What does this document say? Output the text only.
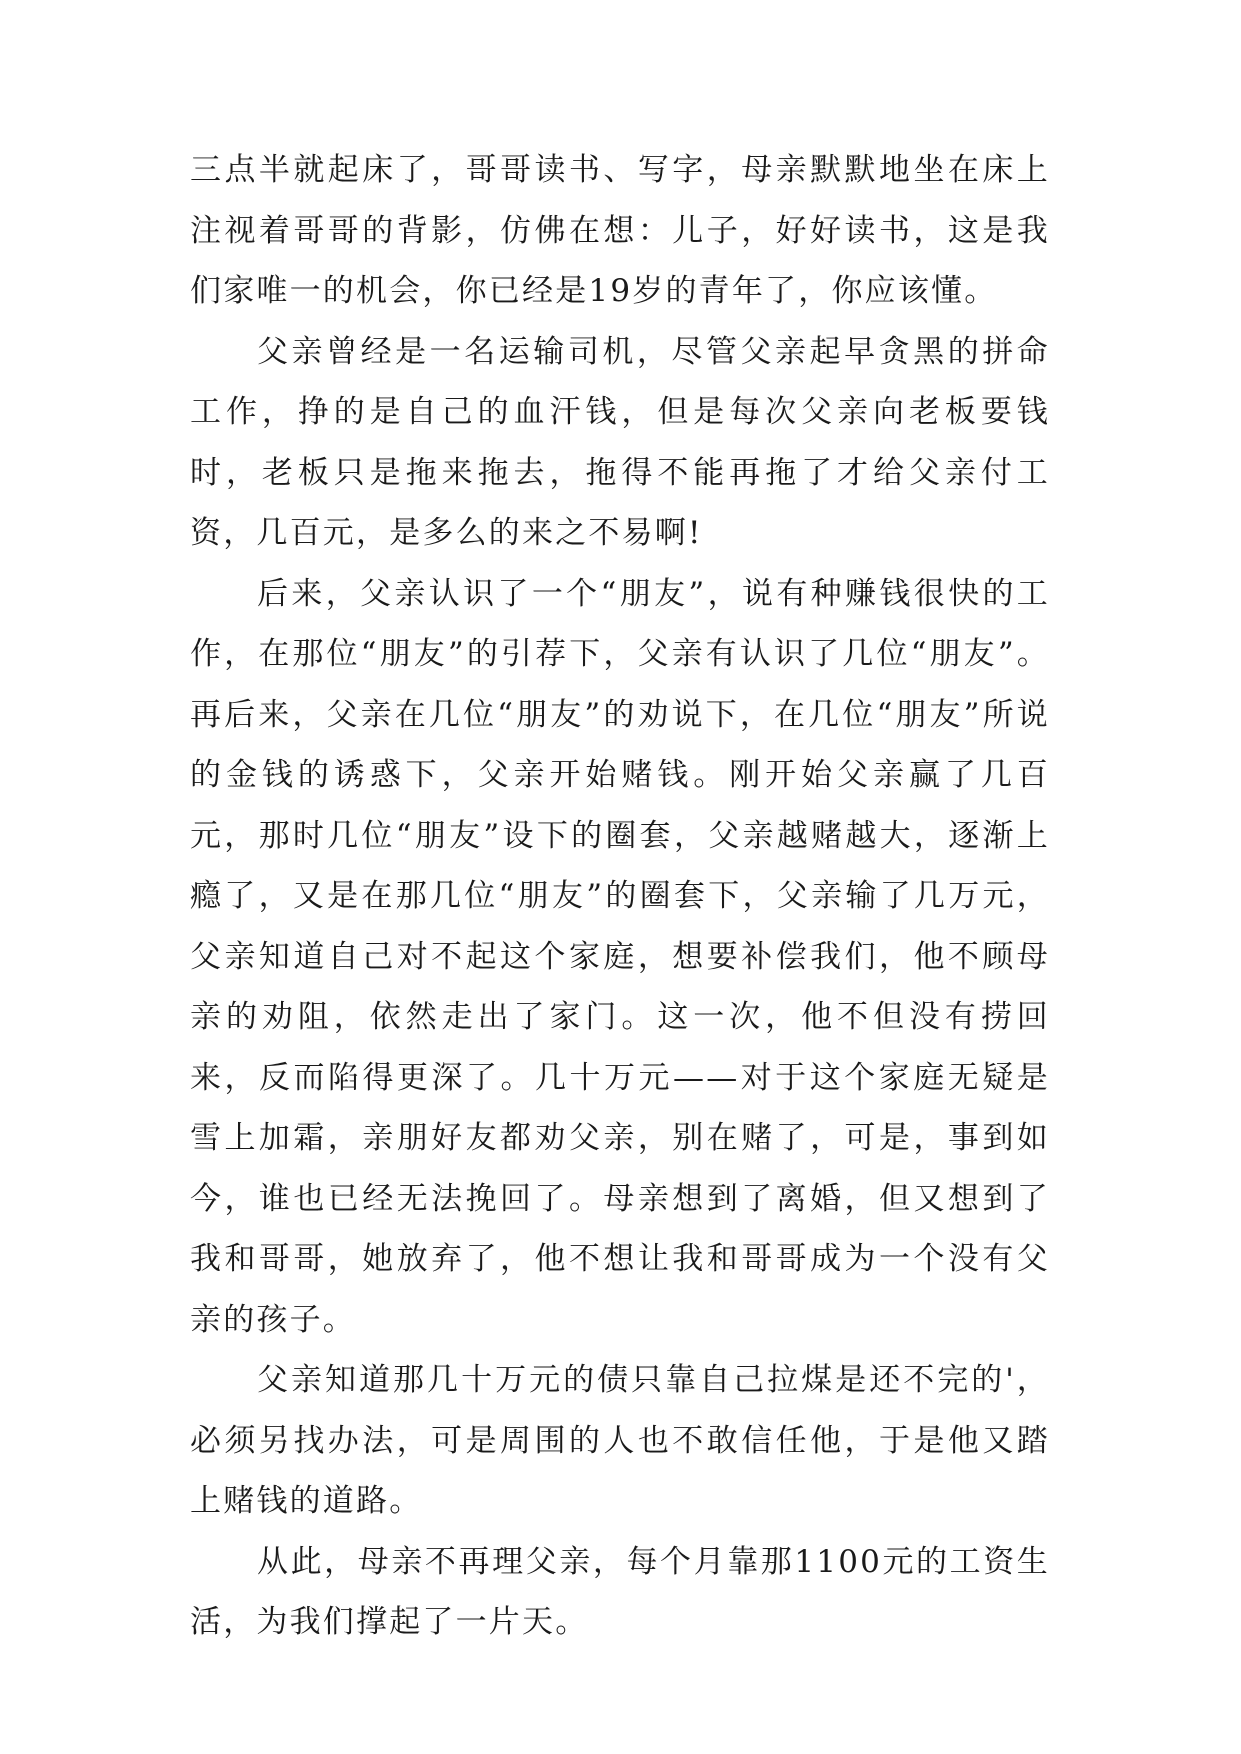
三点半就起床了，哥哥读书、写字，母亲默默地坐在床上注视着哥哥的背影，仿佛在想：儿子，好好读书，这是我们家唯一的机会，你已经是19岁的青年了，你应该懂。

父亲曾经是一名运输司机，尽管父亲起早贪黑的拼命工作，挣的是自己的血汗钱，但是每次父亲向老板要钱时，老板只是拖来拖去，拖得不能再拖了才给父亲付工资，几百元，是多么的来之不易啊!

后来，父亲认识了一个“朋友”，说有种赚钱很快的工作，在那位“朋友”的引荐下，父亲有认识了几位“朋友”。再后来，父亲在几位“朋友”的劝说下，在几位“朋友”所说的金钱的诱惑下，父亲开始赌钱。刚开始父亲赢了几百元，那时几位“朋友”设下的圈套，父亲越赌越大，逐渐上瘾了，又是在那几位“朋友”的圈套下，父亲输了几万元，父亲知道自己对不起这个家庭，想要补偿我们，他不顾母亲的劝阻，依然走出了家门。这一次，他不但没有捞回来，反而陷得更深了。几十万元——对于这个家庭无疑是雪上加霜，亲朋好友都劝父亲，别在赌了，可是，事到如今，谁也已经无法挽回了。母亲想到了离婚，但又想到了我和哥哥，她放弃了，他不想让我和哥哥成为一个没有父亲的孩子。

父亲知道那几十万元的债只靠自己拉煤是还不完的'，必须另找办法，可是周围的人也不敢信任他，于是他又踏上赌钱的道路。

从此，母亲不再理父亲，每个月靠那1100元的工资生活，为我们撑起了一片天。
